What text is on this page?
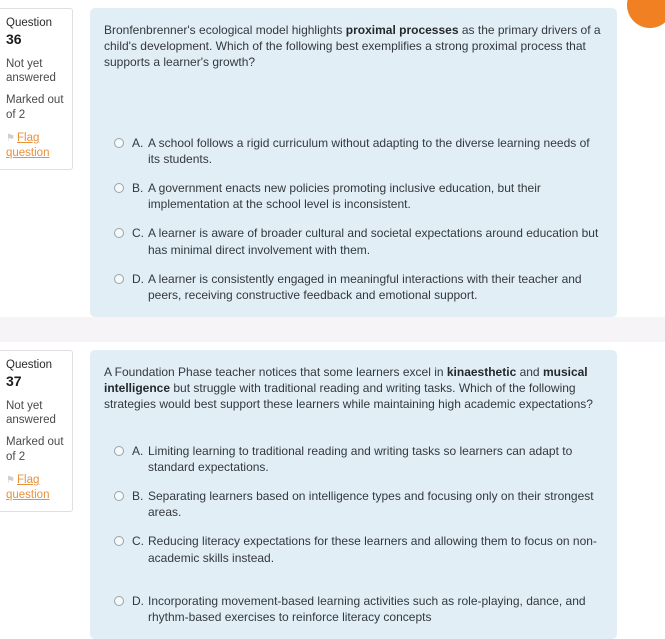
Question 36
Not yet
answered
Marked out of 2
⚑ Flag
question

Bronfenbrenner's ecological model highlights proximal processes as the primary drivers of a child's development. Which of the following best exemplifies a strong proximal process that supports a learner's growth?

A. A school follows a rigid curriculum without adapting to the diverse learning needs of its students.
B. A government enacts new policies promoting inclusive education, but their implementation at the school level is inconsistent.
C. A learner is aware of broader cultural and societal expectations around education but has minimal direct involvement with them.
D. A learner is consistently engaged in meaningful interactions with their teacher and peers, receiving constructive feedback and emotional support.
Question 37
Not yet
answered
Marked out of 2
⚑ Flag
question

A Foundation Phase teacher notices that some learners excel in kinaesthetic and musical intelligence but struggle with traditional reading and writing tasks. Which of the following strategies would best support these learners while maintaining high academic expectations?

A. Limiting learning to traditional reading and writing tasks so learners can adapt to standard expectations.
B. Separating learners based on intelligence types and focusing only on their strongest areas.
C. Reducing literacy expectations for these learners and allowing them to focus on non-academic skills instead.
D. Incorporating movement-based learning activities such as role-playing, dance, and rhythm-based exercises to reinforce literacy concepts
